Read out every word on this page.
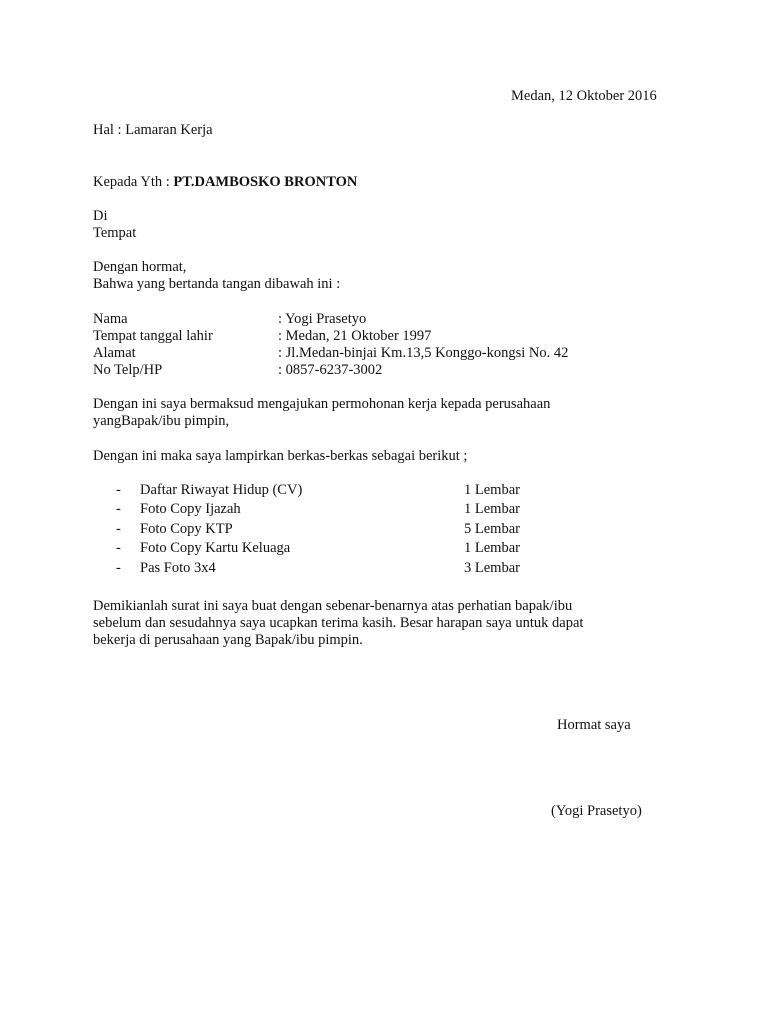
Medan, 12 Oktober 2016
Hal : Lamaran Kerja
Kepada Yth : PT.DAMBOSKO BRONTON
Di
Tempat
Dengan hormat,
Bahwa yang bertanda tangan dibawah ini :
Nama	: Yogi Prasetyo
Tempat tanggal lahir	: Medan, 21 Oktober 1997
Alamat	: Jl.Medan-binjai Km.13,5 Konggo-kongsi No. 42
No Telp/HP	: 0857-6237-3002
Dengan ini saya bermaksud mengajukan permohonan kerja kepada perusahaan
yangBapak/ibu pimpin,
Dengan ini maka saya lampirkan berkas-berkas sebagai berikut ;
- Daftar Riwayat Hidup (CV)	1 Lembar
- Foto Copy Ijazah	1 Lembar
- Foto Copy KTP	5 Lembar
- Foto Copy Kartu Keluaga	1 Lembar
- Pas Foto 3x4	3 Lembar
Demikianlah surat ini saya buat dengan sebenar-benarnya atas perhatian bapak/ibu
sebelum dan sesudahnya saya ucapkan terima kasih. Besar harapan saya untuk dapat
bekerja di perusahaan yang Bapak/ibu pimpin.
Hormat saya
(Yogi Prasetyo)
